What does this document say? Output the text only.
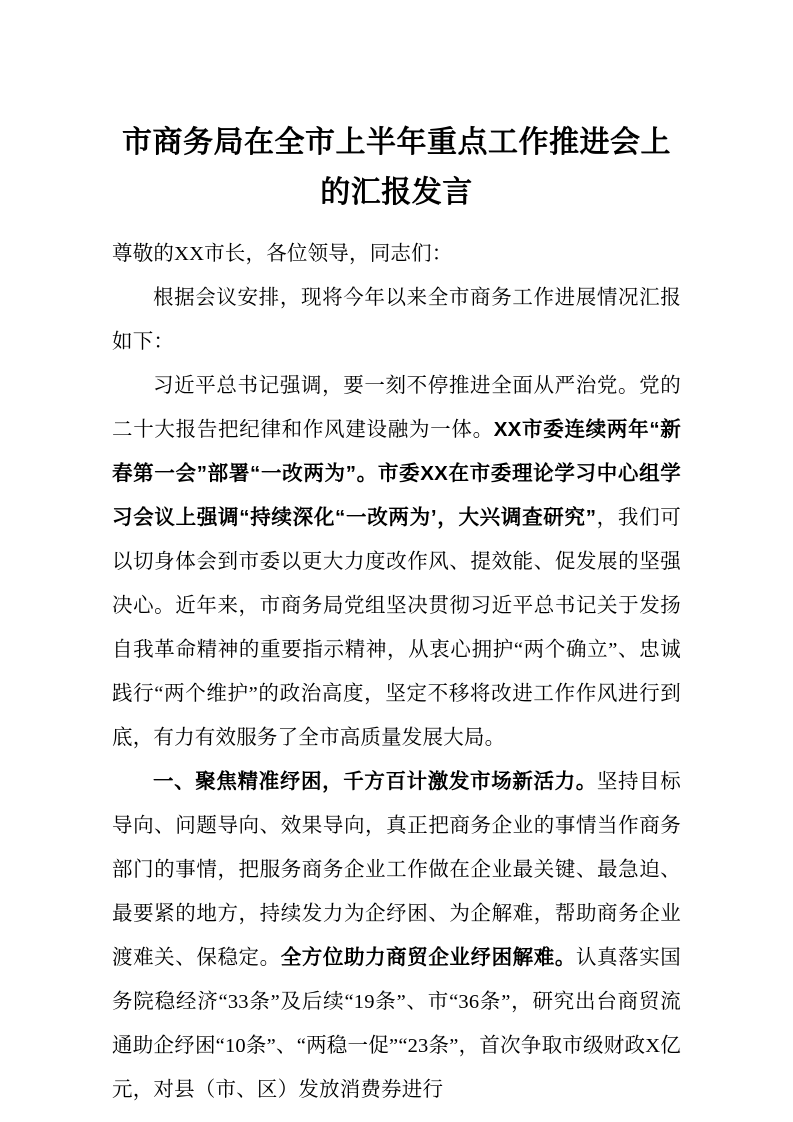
市商务局在全市上半年重点工作推进会上
的汇报发言

尊敬的XX市长，各位领导，同志们：

根据会议安排，现将今年以来全市商务工作进展情况汇报如下：

习近平总书记强调，要一刻不停推进全面从严治党。党的二十大报告把纪律和作风建设融为一体。XX市委连续两年“新春第一会”部署“一改两为”。市委XX在市委理论学习中心组学习会议上强调“持续深化“一改两为’，大兴调查研究”，我们可以切身体会到市委以更大力度改作风、提效能、促发展的坚强决心。近年来，市商务局党组坚决贯彻习近平总书记关于发扬自我革命精神的重要指示精神，从衷心拥护“两个确立”、忠诚践行“两个维护”的政治高度，坚定不移将改进工作作风进行到底，有力有效服务了全市高质量发展大局。

一、聚焦精准纾困，千方百计激发市场新活力。坚持目标导向、问题导向、效果导向，真正把商务企业的事情当作商务部门的事情，把服务商务企业工作做在企业最关键、最急迫、最要紧的地方，持续发力为企纾困、为企解难，帮助商务企业渡难关、保稳定。全方位助力商贸企业纾困解难。认真落实国务院稳经济“33条”及后续“19条”、市“36条”，研究出台商贸流通助企纾困“10条”、“两稳一促”“23条”，首次争取市级财政X亿元，对县（市、区）发放消费券进行
